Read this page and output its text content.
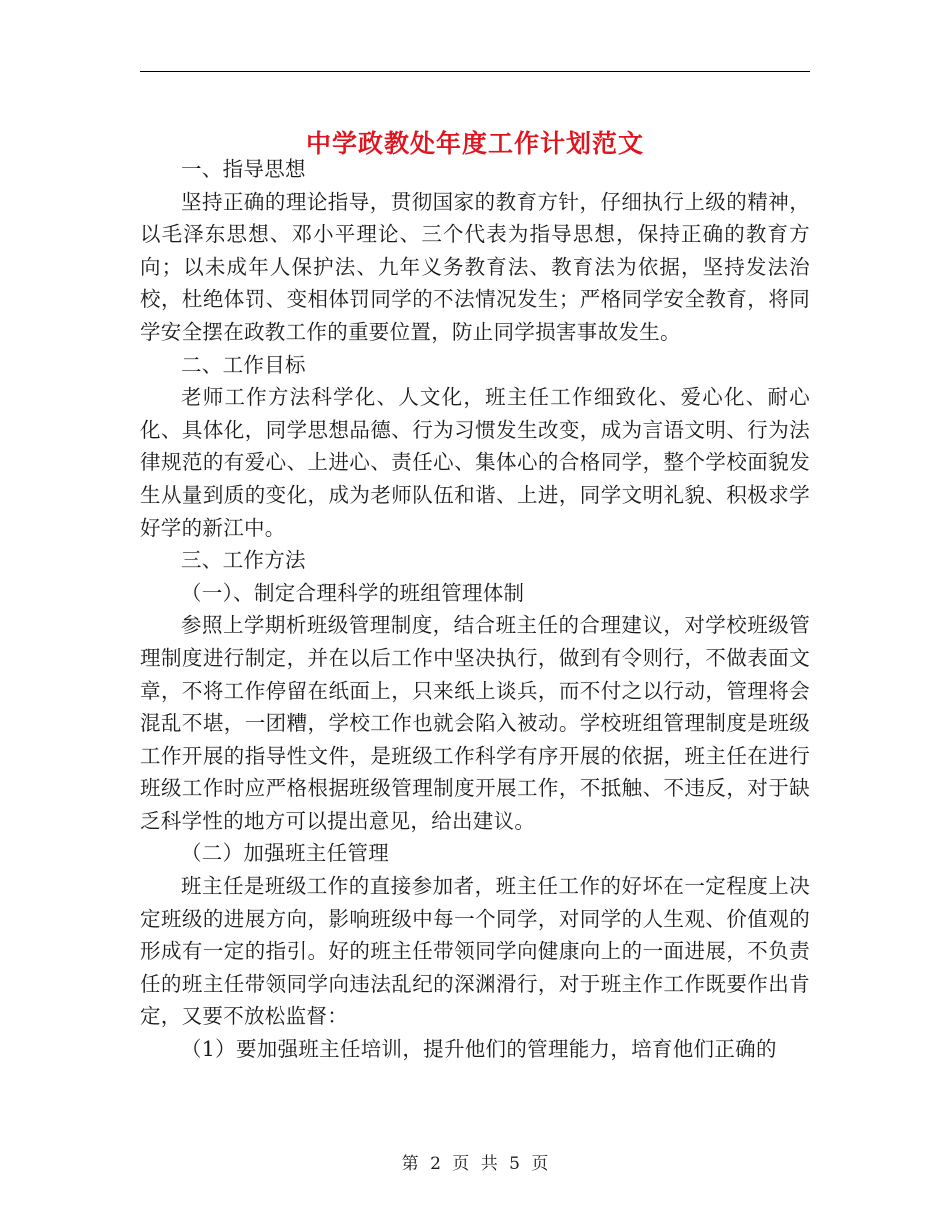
中学政教处年度工作计划范文

一、指导思想

坚持正确的理论指导，贯彻国家的教育方针，仔细执行上级的精神，以毛泽东思想、邓小平理论、三个代表为指导思想，保持正确的教育方向；以未成年人保护法、九年义务教育法、教育法为依据，坚持发法治校，杜绝体罚、变相体罚同学的不法情况发生；严格同学安全教育，将同学安全摆在政教工作的重要位置，防止同学损害事故发生。

二、工作目标

老师工作方法科学化、人文化，班主任工作细致化、爱心化、耐心化、具体化，同学思想品德、行为习惯发生改变，成为言语文明、行为法律规范的有爱心、上进心、责任心、集体心的合格同学，整个学校面貌发生从量到质的变化，成为老师队伍和谐、上进，同学文明礼貌、积极求学好学的新江中。

三、工作方法

（一）、制定合理科学的班组管理体制

参照上学期析班级管理制度，结合班主任的合理建议，对学校班级管理制度进行制定，并在以后工作中坚决执行，做到有令则行，不做表面文章，不将工作停留在纸面上，只来纸上谈兵，而不付之以行动，管理将会混乱不堪，一团糟，学校工作也就会陷入被动。学校班组管理制度是班级工作开展的指导性文件，是班级工作科学有序开展的依据，班主任在进行班级工作时应严格根据班级管理制度开展工作，不抵触、不违反，对于缺乏科学性的地方可以提出意见，给出建议。

（二）加强班主任管理

班主任是班级工作的直接参加者，班主任工作的好坏在一定程度上决定班级的进展方向，影响班级中每一个同学，对同学的人生观、价值观的形成有一定的指引。好的班主任带领同学向健康向上的一面进展，不负责任的班主任带领同学向违法乱纪的深渊滑行，对于班主作工作既要作出肯定，又要不放松监督：

（1）要加强班主任培训，提升他们的管理能力，培育他们正确的

第 2 页 共 5 页
